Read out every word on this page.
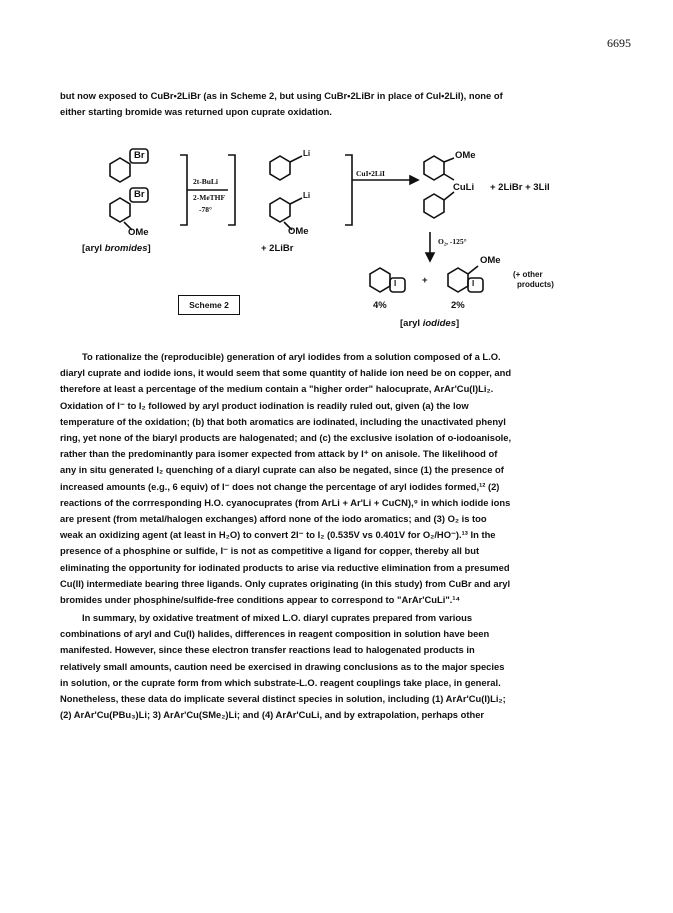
6695
but now exposed to CuBr•2LiBr (as in Scheme 2, but using CuBr•2LiBr in place of CuI•2LiI), none of
either starting bromide was returned upon cuprate oxidation.
Br
Br
OMe
[aryl bromides]
2t-BuLi
2-MeTHF
-78°
Li
Li
OMe
+ 2LiBr
CuI•2LiI
OMe
CuLi + 2LiBr + 3LiI
O₂, -125°
OMe
I	I
+
(+ other
products)
4%	2%
[aryl iodides]
Scheme 2
To rationalize the (reproducible) generation of aryl iodides from a solution composed of a L.O.
diaryl cuprate and iodide ions, it would seem that some quantity of halide ion need be on copper, and
therefore at least a percentage of the medium contain a "higher order" halocuprate, ArAr'Cu(I)Li₂.
Oxidation of I⁻ to I₂ followed by aryl product iodination is readily ruled out, given (a) the low
temperature of the oxidation; (b) that both aromatics are iodinated, including the unactivated phenyl
ring, yet none of the biaryl products are halogenated; and (c) the exclusive isolation of o-iodoanisole,
rather than the predominantly para isomer expected from attack by I⁺ on anisole. The likelihood of
any in situ generated I₂ quenching of a diaryl cuprate can also be negated, since (1) the presence of
increased amounts (e.g., 6 equiv) of I⁻ does not change the percentage of aryl iodides formed,¹² (2)
reactions of the corrresponding H.O. cyanocuprates (from ArLi + Ar'Li + CuCN),⁹ in which iodide ions
are present (from metal/halogen exchanges) afford none of the iodo aromatics; and (3) O₂ is too
weak an oxidizing agent (at least in H₂O) to convert 2I⁻ to I₂ (0.535V vs 0.401V for O₂/HO⁻).¹³ In the
presence of a phosphine or sulfide, I⁻ is not as competitive a ligand for copper, thereby all but
eliminating the opportunity for iodinated products to arise via reductive elimination from a presumed
Cu(II) intermediate bearing three ligands. Only cuprates originating (in this study) from CuBr and aryl
bromides under phosphine/sulfide-free conditions appear to correspond to "ArAr'CuLi".¹⁴
In summary, by oxidative treatment of mixed L.O. diaryl cuprates prepared from various
combinations of aryl and Cu(I) halides, differences in reagent composition in solution have been
manifested. However, since these electron transfer reactions lead to halogenated products in
relatively small amounts, caution need be exercised in drawing conclusions as to the major species
in solution, or the cuprate form from which substrate-L.O. reagent couplings take place, in general.
Nonetheless, these data do implicate several distinct species in solution, including (1) ArAr'Cu(I)Li₂;
(2) ArAr'Cu(PBu₃)Li; 3) ArAr'Cu(SMe₂)Li; and (4) ArAr'CuLi, and by extrapolation, perhaps other
